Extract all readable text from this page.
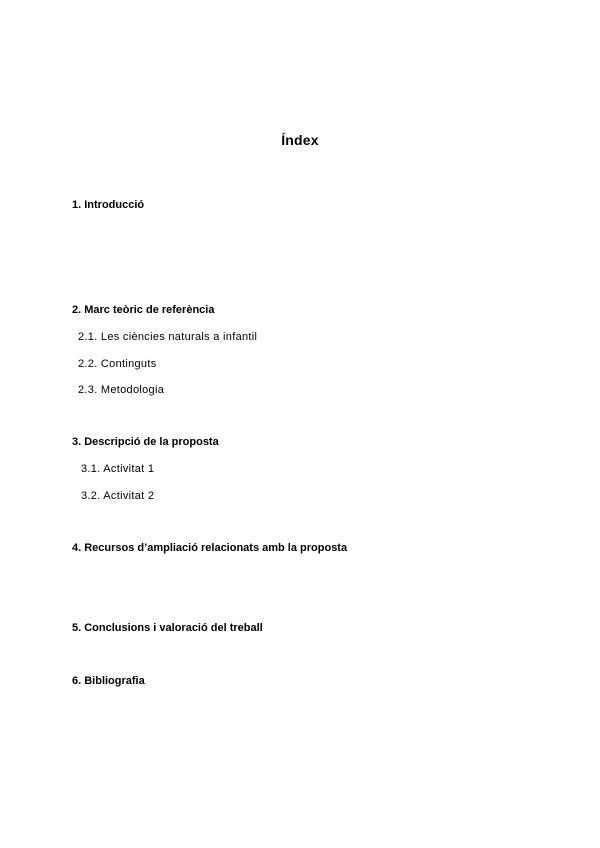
Índex
1. Introducció
2. Marc teòric de referència
2.1. Les ciències naturals a infantil
2.2. Continguts
2.3. Metodologia
3. Descripció de la proposta
3.1. Activitat 1
3.2. Activitat 2
4. Recursos d’ampliació relacionats amb la proposta
5. Conclusions i valoració del treball
6. Bibliografia
